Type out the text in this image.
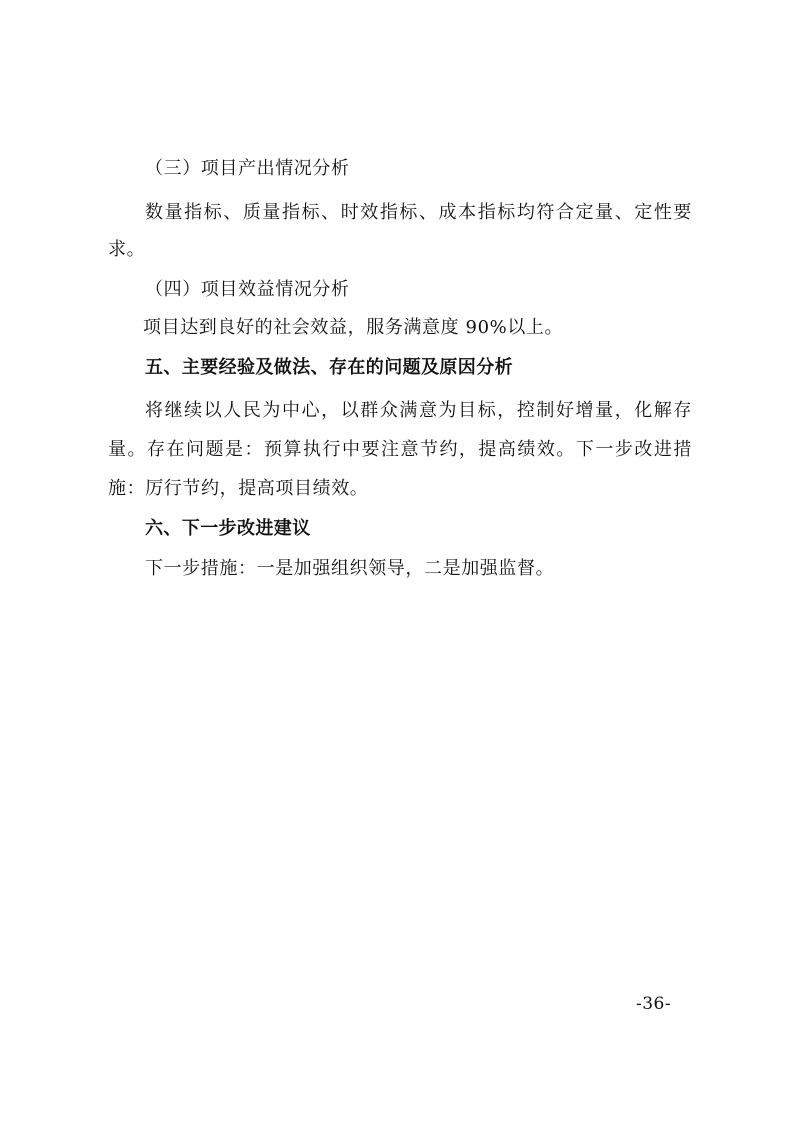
（三）项目产出情况分析
数量指标、质量指标、时效指标、成本指标均符合定量、定性要
求。
（四）项目效益情况分析
项目达到良好的社会效益，服务满意度 90%以上。
五、主要经验及做法、存在的问题及原因分析
将继续以人民为中心，以群众满意为目标，控制好增量，化解存
量。存在问题是：预算执行中要注意节约，提高绩效。下一步改进措
施：厉行节约，提高项目绩效。
六、下一步改进建议
下一步措施：一是加强组织领导，二是加强监督。
-36-
